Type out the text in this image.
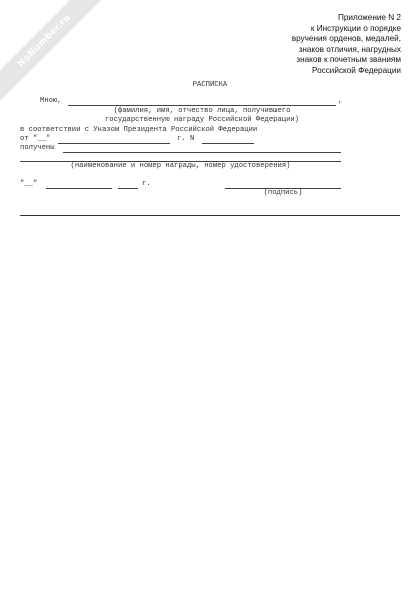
NoNumber.ru	Приложение N 2
к Инструкции о порядке
вручения орденов, медалей,
знаков отличия, нагрудных
знаков к почетным званиям
Российской Федерации
РАСПИСКА
Мною,	,
(фамилия, имя, отчество лица, получившего
государственную награду Российской Федерации)
в соответствии с Указом Президента Российской Федерации
от "__"	г. N
получены
(наименование и номер награды, номер удостоверения)
"__"	г.
(подпись)
